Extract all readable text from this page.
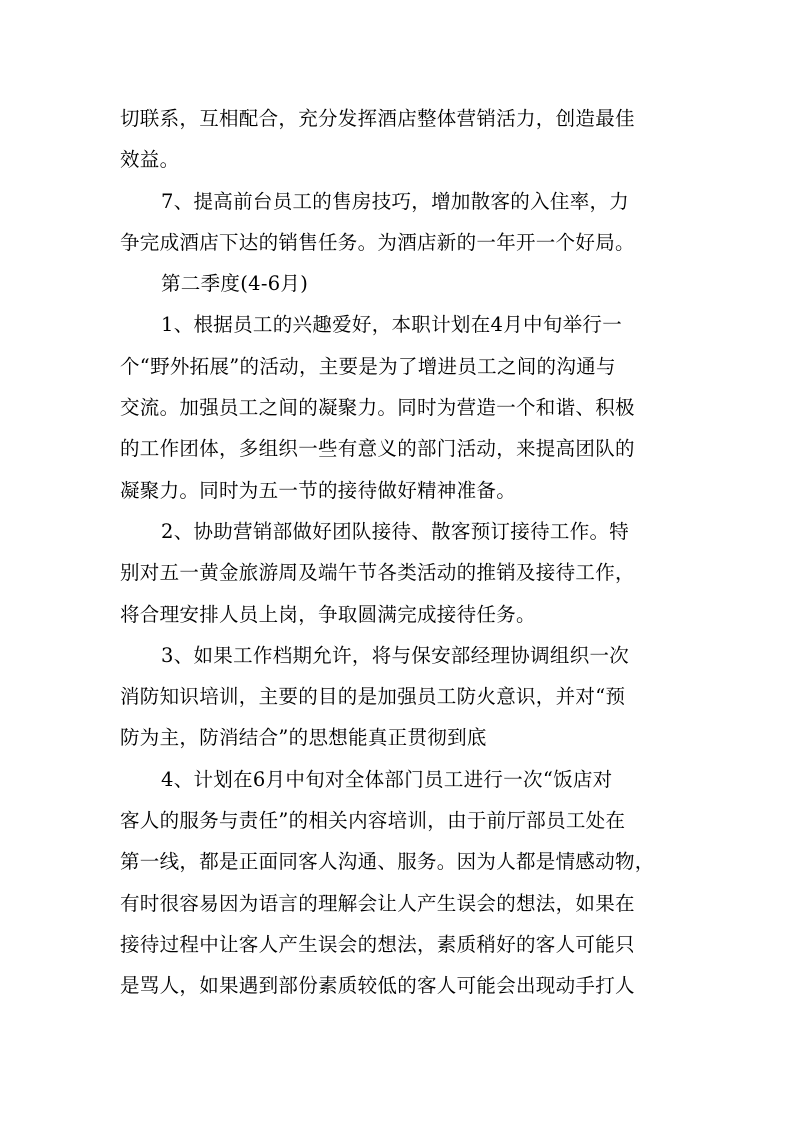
切联系，互相配合，充分发挥酒店整体营销活力，创造最佳
效益。

7、提高前台员工的售房技巧，增加散客的入住率，力
争完成酒店下达的销售任务。为酒店新的一年开一个好局。

第二季度(4-6月)

1、根据员工的兴趣爱好，本职计划在4月中旬举行一
个“野外拓展”的活动，主要是为了增进员工之间的沟通与
交流。加强员工之间的凝聚力。同时为营造一个和谐、积极
的工作团体，多组织一些有意义的部门活动，来提高团队的
凝聚力。同时为五一节的接待做好精神准备。

2、协助营销部做好团队接待、散客预订接待工作。特
别对五一黄金旅游周及端午节各类活动的推销及接待工作，
将合理安排人员上岗，争取圆满完成接待任务。

3、如果工作档期允许，将与保安部经理协调组织一次
消防知识培训，主要的目的是加强员工防火意识，并对“预
防为主，防消结合”的思想能真正贯彻到底

4、计划在6月中旬对全体部门员工进行一次“饭店对
客人的服务与责任”的相关内容培训，由于前厅部员工处在
第一线，都是正面同客人沟通、服务。因为人都是情感动物，
有时很容易因为语言的理解会让人产生误会的想法，如果在
接待过程中让客人产生误会的想法，素质稍好的客人可能只
是骂人，如果遇到部份素质较低的客人可能会出现动手打人
